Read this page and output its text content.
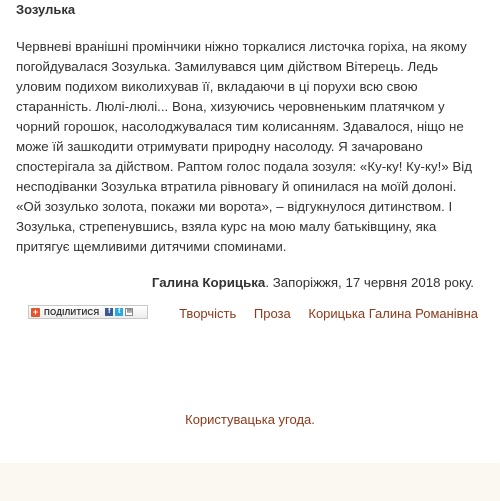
Зозулька
Червневі вранішні промінчики ніжно торкалися листочка горіха, на якому погойдувалася Зозулька. Замилувався цим дійством Вітерець. Ледь уловим подихом виколихував її, вкладаючи в ці порухи всю свою старанність. Люлі-люлі... Вона, хизуючись черовненьким платячком у чорний горошок, насолоджувалася тим колисанням. Здавалося, ніщо не може їй зашкодити отримувати природну насолоду. Я зачаровано спостерігала за дійством. Раптом голос подала зозуля: «Ку-ку! Ку-ку!» Від несподіванки Зозулька втратила рівновагу й опинилася на моїй долоні. «Ой зозулько золота, покажи ми ворота», – відгукнулося дитинством. І Зозулька, стрепенувшись, взяла курс на мою малу батьківщину, яка притягує щемливими дитячими споминами.
Галина Корицька. Запоріжжя, 17 червня 2018 року.
+ ПОДІЛИТИСЯ	f	t	✉	Творчість Проза Корицька Галина Романівна
Користувацька угода.
